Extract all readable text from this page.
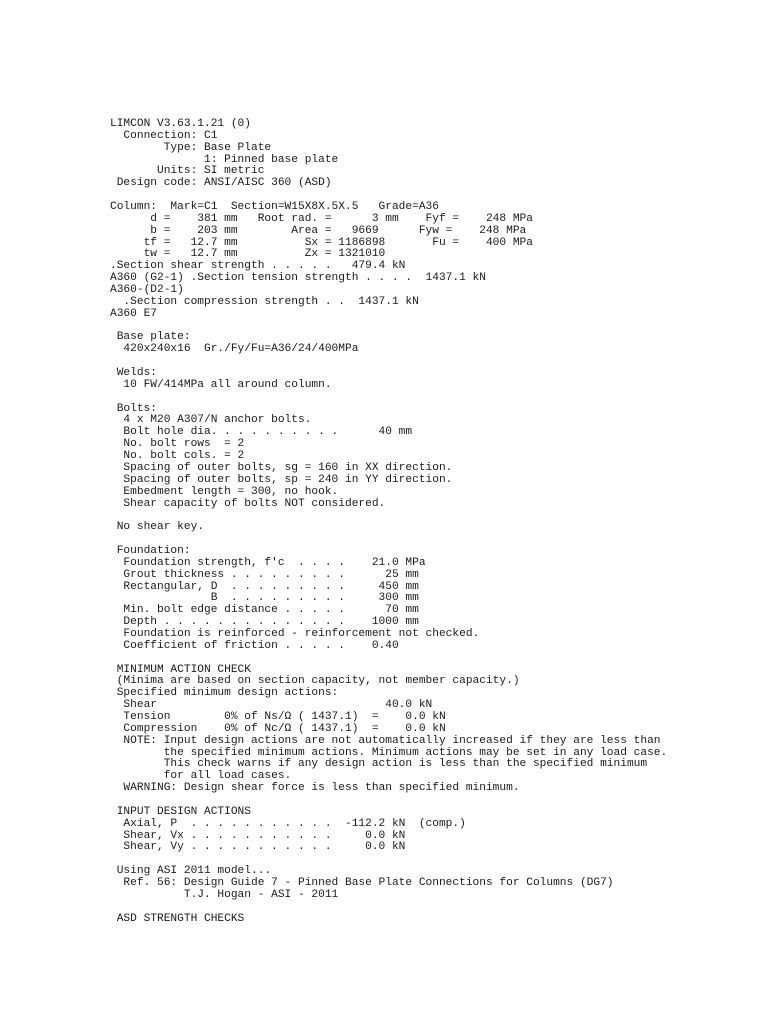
LIMCON V3.63.1.21 (0)
Connection: C1
Type: Base Plate
1: Pinned base plate
Units: SI metric
Design code: ANSI/AISC 360 (ASD)
Column:  Mark=C1  Section=W15X8X.5X.5   Grade=A36
d =    381 mm   Root rad. =      3 mm    Fyf =    248 MPa
b =    203 mm        Area =   9669      Fyw =    248 MPa
tf =   12.7 mm          Sx = 1186898       Fu =    400 MPa
tw =   12.7 mm          Zx = 1321010
.Section shear strength . . . . .   479.4 kN
A360 (G2-1) .Section tension strength . . . .  1437.1 kN
A360-(D2-1)
.Section compression strength . .  1437.1 kN
A360 E7
Base plate:
420x240x16  Gr./Fy/Fu=A36/24/400MPa
Welds:
10 FW/414MPa all around column.
Bolts:
4 x M20 A307/N anchor bolts.
Bolt hole dia. . . . . . . . . .      40 mm
No. bolt rows  = 2
No. bolt cols. = 2
Spacing of outer bolts, sg = 160 in XX direction.
Spacing of outer bolts, sp = 240 in YY direction.
Embedment length = 300, no hook.
Shear capacity of bolts NOT considered.
No shear key.
Foundation:
Foundation strength, f'c  . . . .    21.0 MPa
Grout thickness . . . . . . . . .      25 mm
Rectangular, D  . . . . . . . . .     450 mm
B  . . . . . . . . .     300 mm
Min. bolt edge distance . . . . .      70 mm
Depth . . . . . . . . . . . . . .    1000 mm
Foundation is reinforced - reinforcement not checked.
Coefficient of friction . . . . .    0.40
MINIMUM ACTION CHECK
(Minima are based on section capacity, not member capacity.)
Specified minimum design actions:
Shear                                  40.0 kN
Tension        0% of Ns/Ω ( 1437.1)  =    0.0 kN
Compression    0% of Nc/Ω ( 1437.1)  =    0.0 kN
NOTE: Input design actions are not automatically increased if they are less than
the specified minimum actions. Minimum actions may be set in any load case.
This check warns if any design action is less than the specified minimum
for all load cases.
WARNING: Design shear force is less than specified minimum.
INPUT DESIGN ACTIONS
Axial, P  . . . . . . . . . . .  -112.2 kN  (comp.)
Shear, Vx . . . . . . . . . . .     0.0 kN
Shear, Vy . . . . . . . . . . .     0.0 kN
Using ASI 2011 model...
Ref. 56: Design Guide 7 - Pinned Base Plate Connections for Columns (DG7)
T.J. Hogan - ASI - 2011
ASD STRENGTH CHECKS
